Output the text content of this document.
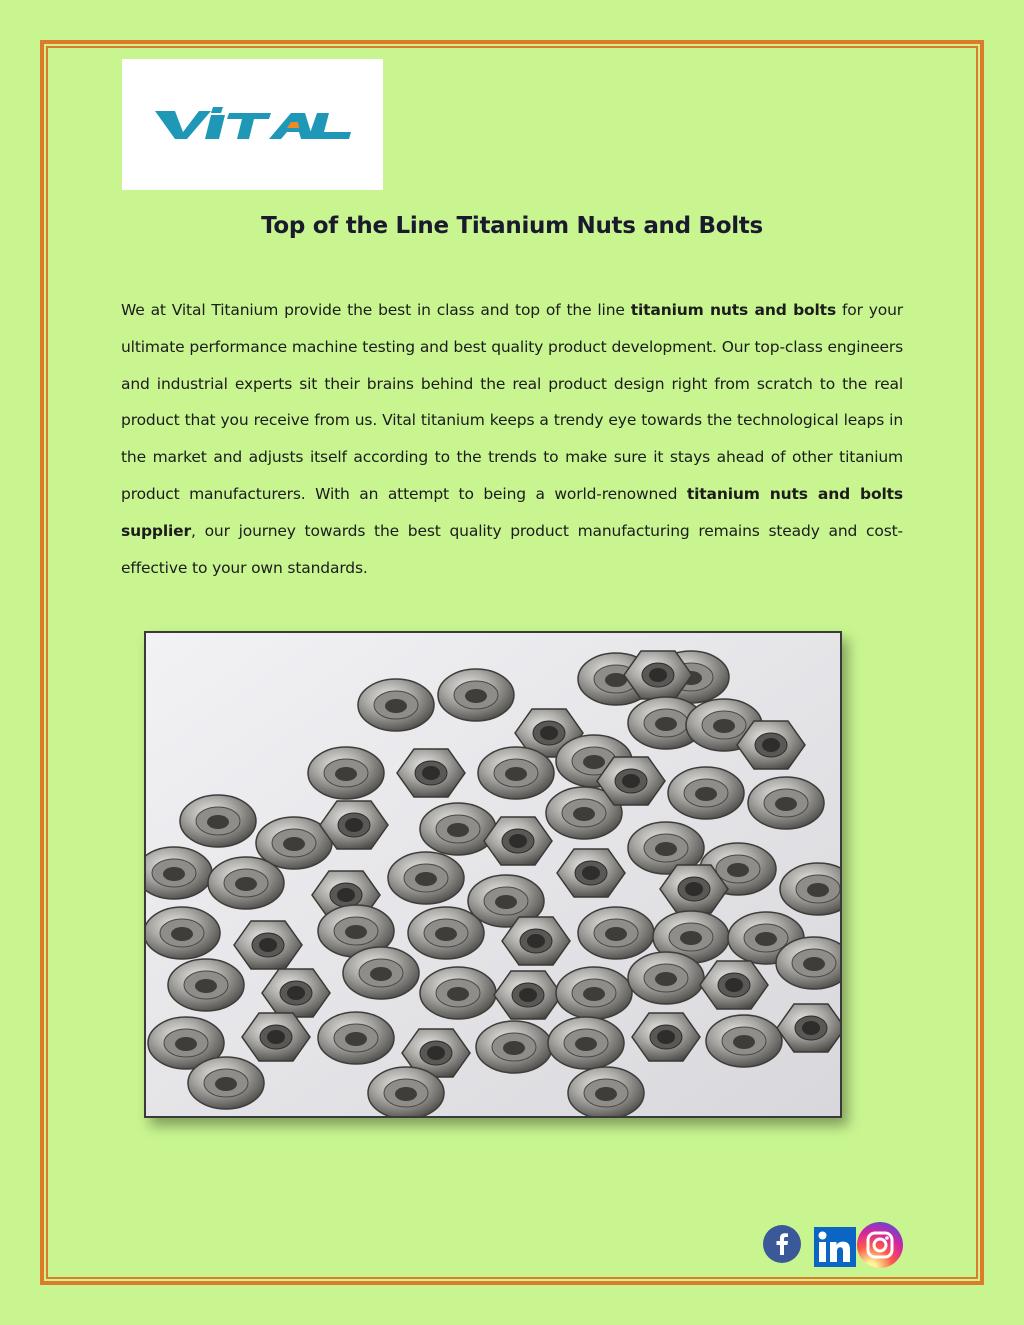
Top of the Line Titanium Nuts and Bolts

We at Vital Titanium provide the best in class and top of the line titanium nuts and bolts for your ultimate performance machine testing and best quality product development. Our top-class engineers and industrial experts sit their brains behind the real product design right from scratch to the real product that you receive from us. Vital titanium keeps a trendy eye towards the technological leaps in the market and adjusts itself according to the trends to make sure it stays ahead of other titanium product manufacturers. With an attempt to being a world-renowned titanium nuts and bolts supplier, our journey towards the best quality product manufacturing remains steady and cost-effective to your own standards.
